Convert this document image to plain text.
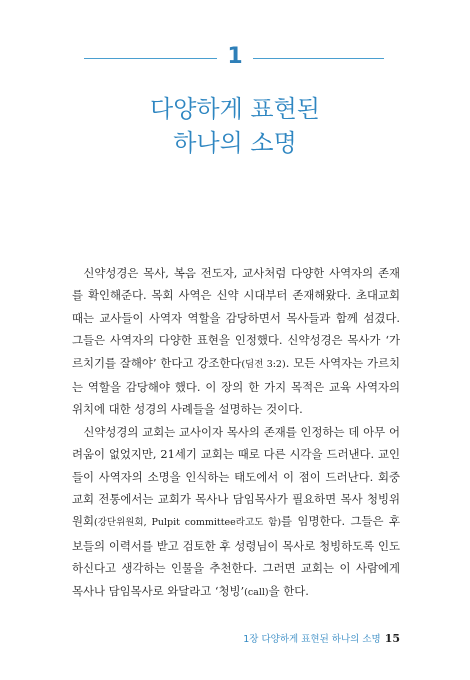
1
다양하게 표현된
하나의 소명

신약성경은 목사, 복음 전도자, 교사처럼 다양한 사역자의 존재를 확인해준다. 목회 사역은 신약 시대부터 존재해왔다. 초대교회 때는 교사들이 사역자 역할을 감당하면서 목사들과 함께 섬겼다. 그들은 사역자의 다양한 표현을 인정했다. 신약성경은 목사가 ‘가르치기를 잘해야’ 한다고 강조한다(딤전 3:2). 모든 사역자는 가르치는 역할을 감당해야 했다. 이 장의 한 가지 목적은 교육 사역자의 위치에 대한 성경의 사례들을 설명하는 것이다.

신약성경의 교회는 교사이자 목사의 존재를 인정하는 데 아무 어려움이 없었지만, 21세기 교회는 때로 다른 시각을 드러낸다. 교인들이 사역자의 소명을 인식하는 태도에서 이 점이 드러난다. 회중 교회 전통에서는 교회가 목사나 담임목사가 필요하면 목사 청빙위원회(강단위원회, Pulpit committee라고도 함)를 임명한다. 그들은 후보들의 이력서를 받고 검토한 후 성령님이 목사로 청빙하도록 인도하신다고 생각하는 인물을 추천한다. 그러면 교회는 이 사람에게 목사나 담임목사로 와달라고 ‘청빙’(call)을 한다.

1장 다양하게 표현된 하나의 소명 15
